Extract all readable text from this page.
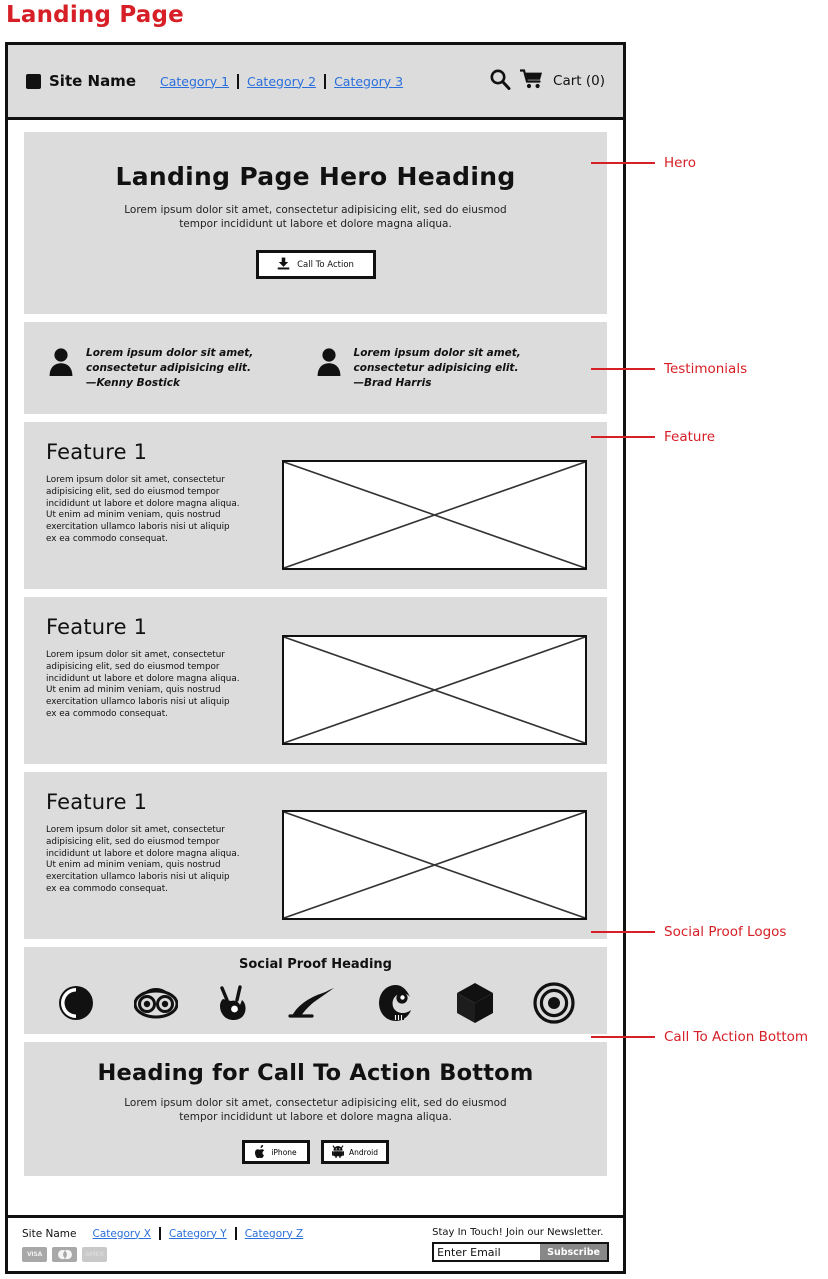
Landing Page
Site Name Category 1 Category 2 Category 3	Cart (0)
Landing Page Hero Heading
Lorem ipsum dolor sit amet, consectetur adipisicing elit, sed do eiusmod tempor incididunt ut labore et dolore magna aliqua.
Call To Action
Lorem ipsum dolor sit amet, consectetur adipisicing elit.
—Kenny Bostick
Lorem ipsum dolor sit amet, consectetur adipisicing elit.
—Brad Harris
Feature 1
Lorem ipsum dolor sit amet, consectetur adipisicing elit, sed do eiusmod tempor incididunt ut labore et dolore magna aliqua. Ut enim ad minim veniam, quis nostrud exercitation ullamco laboris nisi ut aliquip ex ea commodo consequat.
Feature 1
Lorem ipsum dolor sit amet, consectetur adipisicing elit, sed do eiusmod tempor incididunt ut labore et dolore magna aliqua. Ut enim ad minim veniam, quis nostrud exercitation ullamco laboris nisi ut aliquip ex ea commodo consequat.
Feature 1
Lorem ipsum dolor sit amet, consectetur adipisicing elit, sed do eiusmod tempor incididunt ut labore et dolore magna aliqua. Ut enim ad minim veniam, quis nostrud exercitation ullamco laboris nisi ut aliquip ex ea commodo consequat.
Social Proof Heading
Heading for Call To Action Bottom
Lorem ipsum dolor sit amet, consectetur adipisicing elit, sed do eiusmod tempor incididunt ut labore et dolore magna aliqua.
iPhone	Android
Site Name Category X Category Y Category Z
VISA	AMEX
Stay In Touch! Join our Newsletter.
Enter Email
Subscribe
Hero
Testimonials
Feature
Social Proof Logos
Call To Action Bottom
